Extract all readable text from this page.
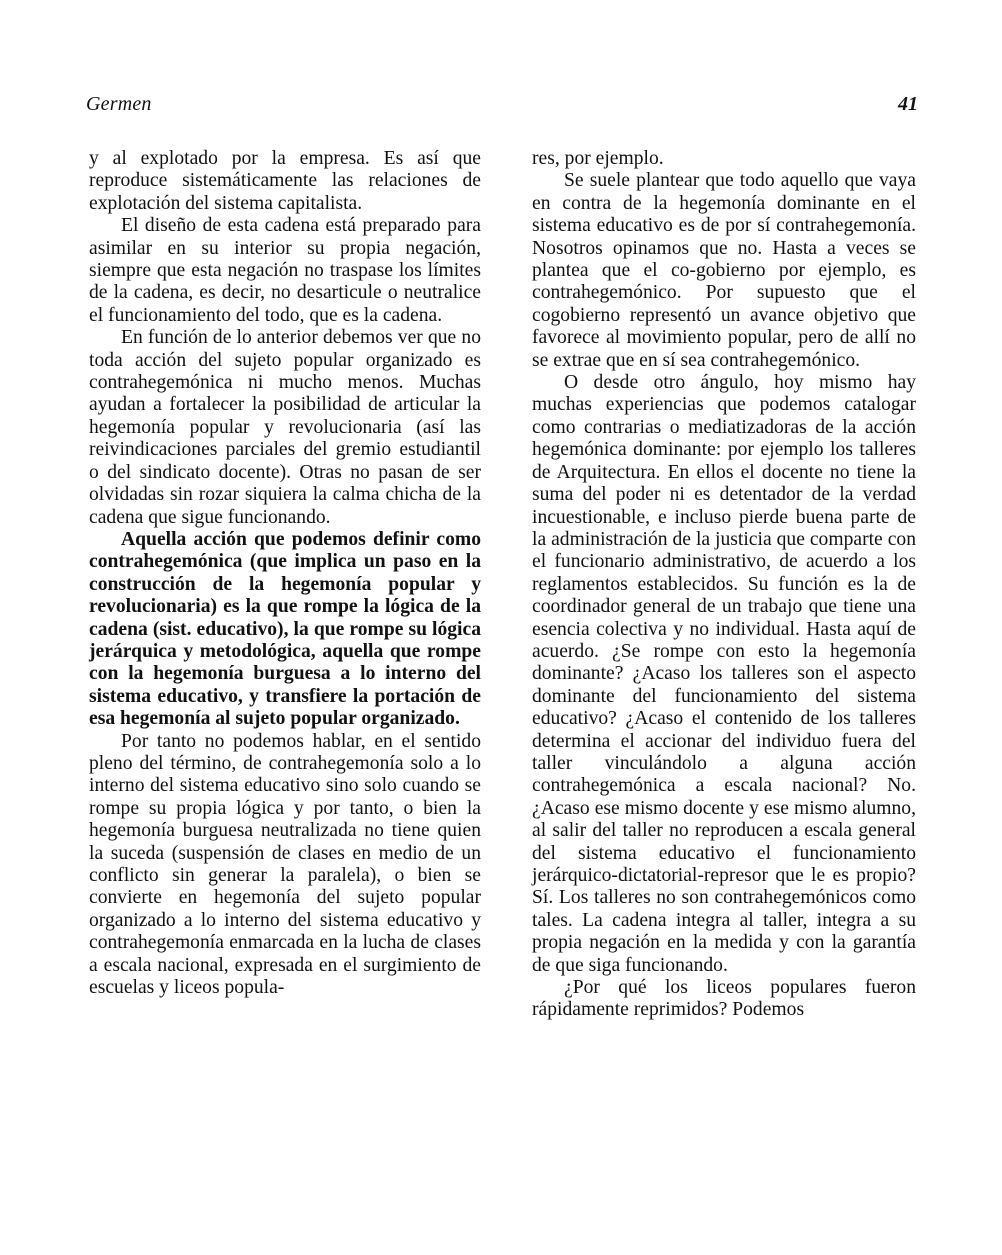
Germen	41

y al explotado por la empresa. Es así que reproduce sistemáticamente las relaciones de explotación del sistema capitalista.

El diseño de esta cadena está preparado para asimilar en su interior su propia negación, siempre que esta negación no traspase los límites de la cadena, es decir, no desarticule o neutralice el funcionamiento del todo, que es la cadena.

En función de lo anterior debemos ver que no toda acción del sujeto popular organizado es contrahegemónica ni mucho menos. Muchas ayudan a fortalecer la posibilidad de articular la hegemonía popular y revolucionaria (así las reivindicaciones parciales del gremio estudiantil o del sindicato docente). Otras no pasan de ser olvidadas sin rozar siquiera la calma chicha de la cadena que sigue funcionando.

Aquella acción que podemos definir como contrahegemónica (que implica un paso en la construcción de la hegemonía popular y revolucionaria) es la que rompe la lógica de la cadena (sist. educativo), la que rompe su lógica jerárquica y metodológica, aquella que rompe con la hegemonía burguesa a lo interno del sistema educativo, y transfiere la portación de esa hegemonía al sujeto popular organizado.

Por tanto no podemos hablar, en el sentido pleno del término, de contrahegemonía solo a lo interno del sistema educativo sino solo cuando se rompe su propia lógica y por tanto, o bien la hegemonía burguesa neutralizada no tiene quien la suceda (suspensión de clases en medio de un conflicto sin generar la paralela), o bien se convierte en hegemonía del sujeto popular organizado a lo interno del sistema educativo y contrahegemonía enmarcada en la lucha de clases a escala nacional, expresada en el surgimiento de escuelas y liceos popula-

res, por ejemplo.

Se suele plantear que todo aquello que vaya en contra de la hegemonía dominante en el sistema educativo es de por sí contrahegemonía. Nosotros opinamos que no. Hasta a veces se plantea que el co-gobierno por ejemplo, es contrahegemónico. Por supuesto que el cogobierno representó un avance objetivo que favorece al movimiento popular, pero de allí no se extrae que en sí sea contrahegemónico.

O desde otro ángulo, hoy mismo hay muchas experiencias que podemos catalogar como contrarias o mediatizadoras de la acción hegemónica dominante: por ejemplo los talleres de Arquitectura. En ellos el docente no tiene la suma del poder ni es detentador de la verdad incuestionable, e incluso pierde buena parte de la administración de la justicia que comparte con el funcionario administrativo, de acuerdo a los reglamentos establecidos. Su función es la de coordinador general de un trabajo que tiene una esencia colectiva y no individual. Hasta aquí de acuerdo. ¿Se rompe con esto la hegemonía dominante? ¿Acaso los talleres son el aspecto dominante del funcionamiento del sistema educativo? ¿Acaso el contenido de los talleres determina el accionar del individuo fuera del taller vinculándolo a alguna acción contrahegemónica a escala nacional? No. ¿Acaso ese mismo docente y ese mismo alumno, al salir del taller no reproducen a escala general del sistema educativo el funcionamiento jerárquico-dictatorial-represor que le es propio? Sí. Los talleres no son contrahegemónicos como tales. La cadena integra al taller, integra a su propia negación en la medida y con la garantía de que siga funcionando.

¿Por qué los liceos populares fueron rápidamente reprimidos? Podemos
